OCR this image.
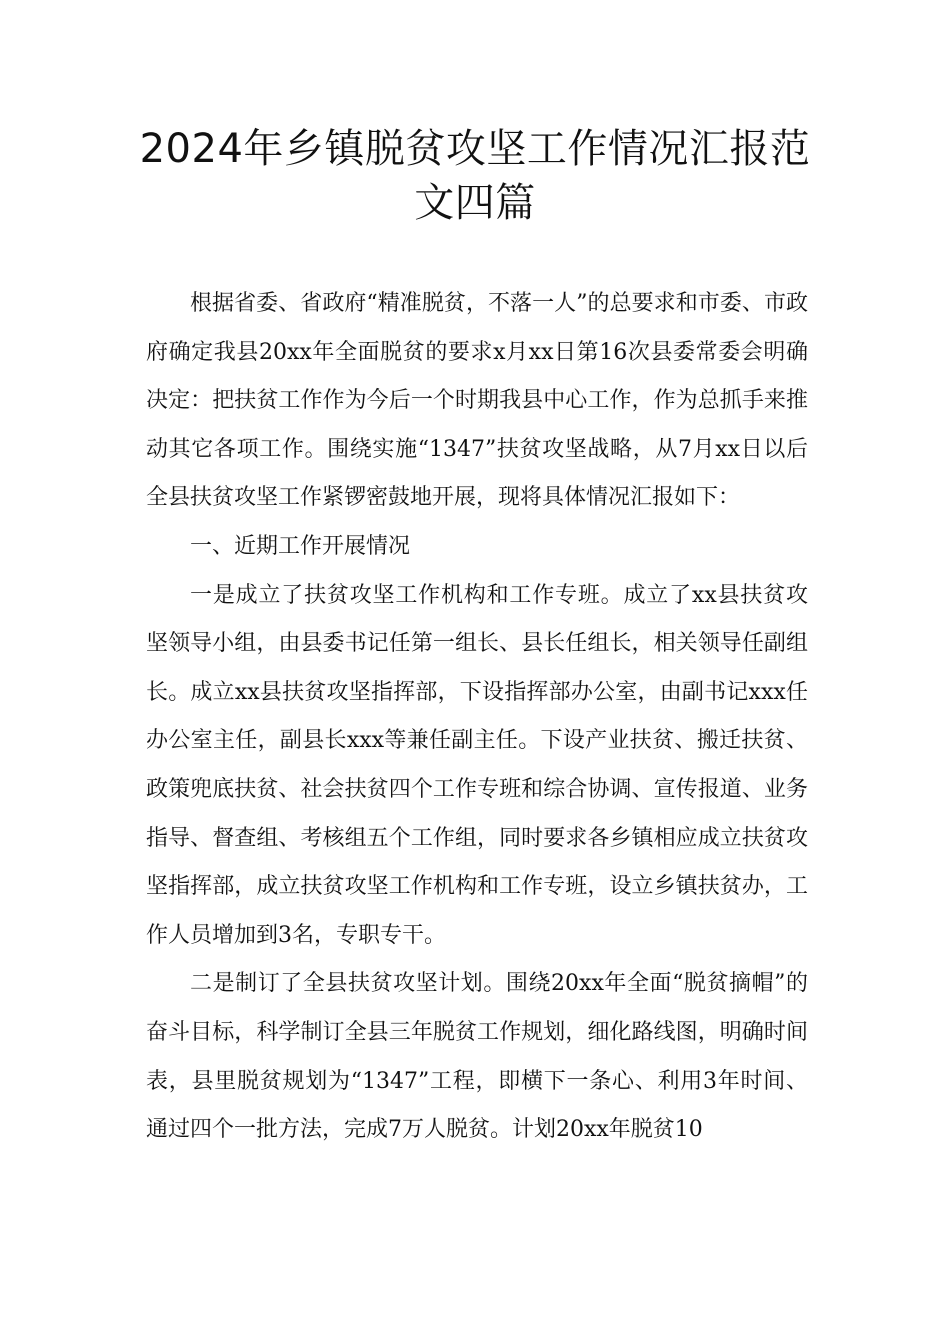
2024年乡镇脱贫攻坚工作情况汇报范文四篇

根据省委、省政府“精准脱贫，不落一人”的总要求和市委、市政府确定我县20xx年全面脱贫的要求x月xx日第16次县委常委会明确决定：把扶贫工作作为今后一个时期我县中心工作，作为总抓手来推动其它各项工作。围绕实施“1347”扶贫攻坚战略，从7月xx日以后全县扶贫攻坚工作紧锣密鼓地开展，现将具体情况汇报如下：

一、近期工作开展情况

一是成立了扶贫攻坚工作机构和工作专班。成立了xx县扶贫攻坚领导小组，由县委书记任第一组长、县长任组长，相关领导任副组长。成立xx县扶贫攻坚指挥部，下设指挥部办公室，由副书记xxx任办公室主任，副县长xxx等兼任副主任。下设产业扶贫、搬迁扶贫、政策兜底扶贫、社会扶贫四个工作专班和综合协调、宣传报道、业务指导、督查组、考核组五个工作组，同时要求各乡镇相应成立扶贫攻坚指挥部，成立扶贫攻坚工作机构和工作专班，设立乡镇扶贫办，工作人员增加到3名，专职专干。

二是制订了全县扶贫攻坚计划。围绕20xx年全面“脱贫摘帽”的奋斗目标，科学制订全县三年脱贫工作规划，细化路线图，明确时间表，县里脱贫规划为“1347”工程，即横下一条心、利用3年时间、通过四个一批方法，完成7万人脱贫。计划20xx年脱贫10
